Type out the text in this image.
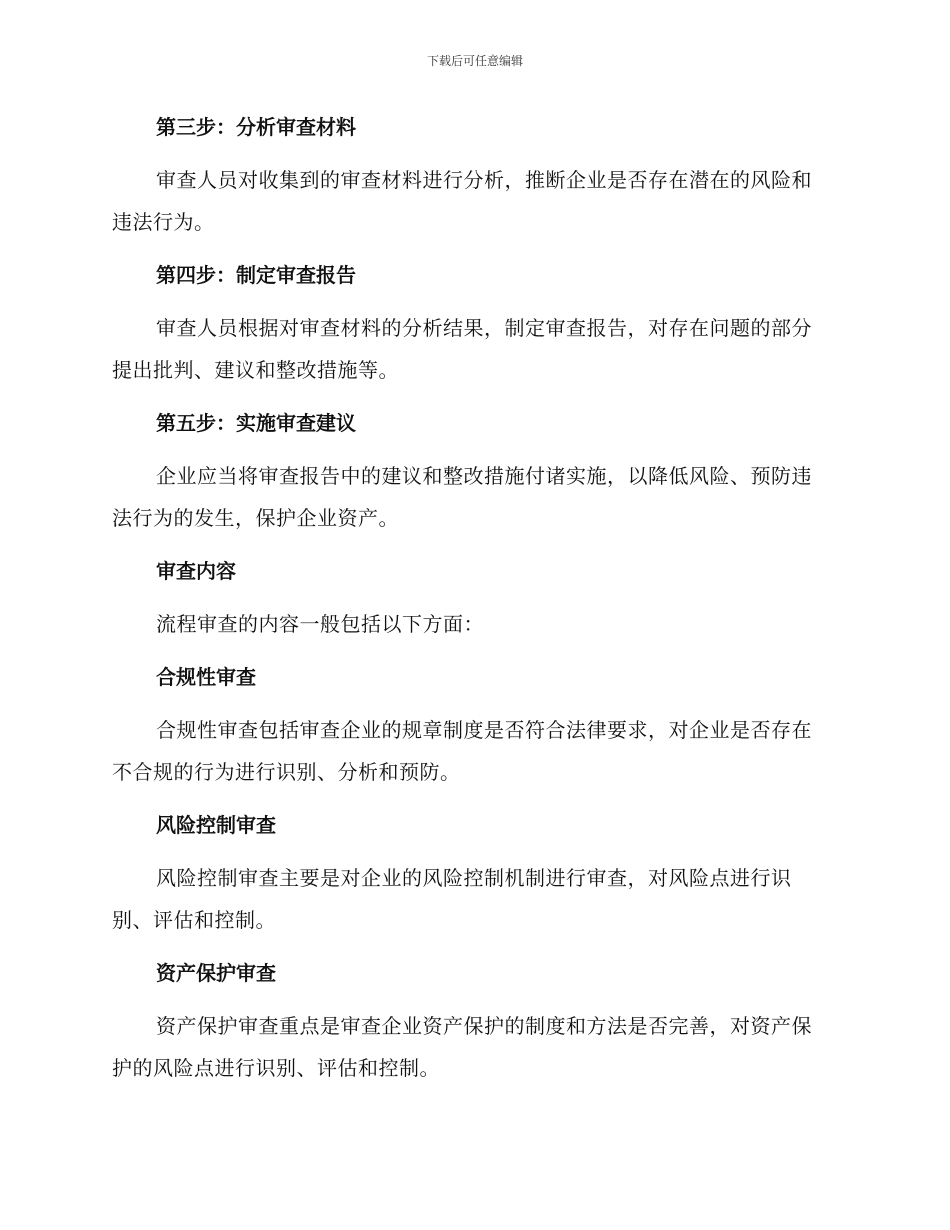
下载后可任意编辑
第三步：分析审查材料
审查人员对收集到的审查材料进行分析，推断企业是否存在潜在的风险和违法行为。
第四步：制定审查报告
审查人员根据对审查材料的分析结果，制定审查报告，对存在问题的部分提出批判、建议和整改措施等。
第五步：实施审查建议
企业应当将审查报告中的建议和整改措施付诸实施，以降低风险、预防违法行为的发生，保护企业资产。
审查内容
流程审查的内容一般包括以下方面：
合规性审查
合规性审查包括审查企业的规章制度是否符合法律要求，对企业是否存在不合规的行为进行识别、分析和预防。
风险控制审查
风险控制审查主要是对企业的风险控制机制进行审查，对风险点进行识别、评估和控制。
资产保护审查
资产保护审查重点是审查企业资产保护的制度和方法是否完善，对资产保护的风险点进行识别、评估和控制。
